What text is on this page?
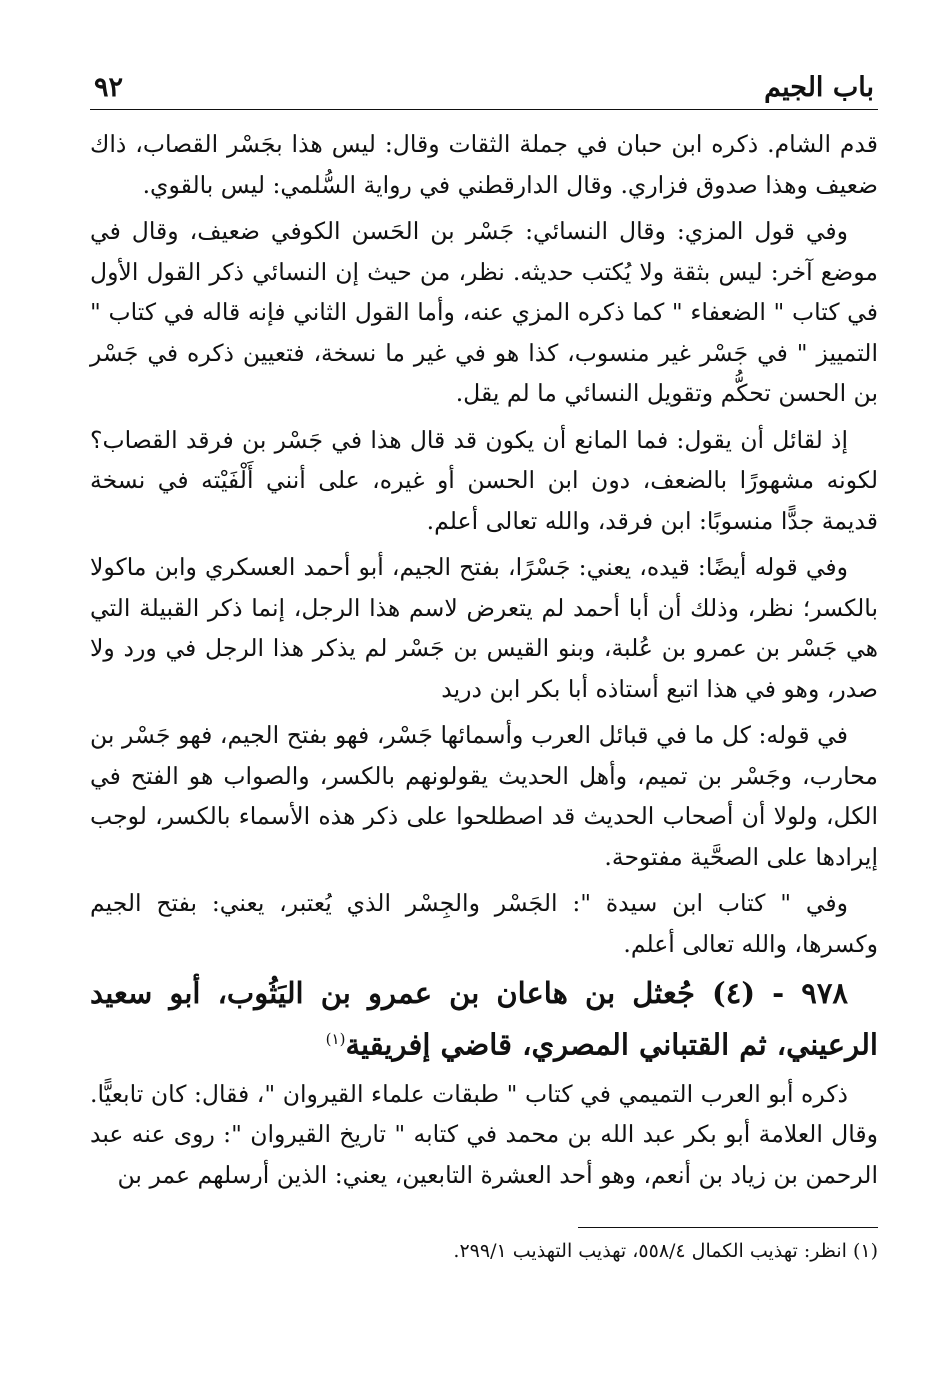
باب الجيم
٩٢

قدم الشام. ذكره ابن حبان في جملة الثقات وقال: ليس هذا بجَسْر القصاب، ذاك ضعيف وهذا صدوق فزاري. وقال الدارقطني في رواية السُّلمي: ليس بالقوي.

وفي قول المزي: وقال النسائي: جَسْر بن الحَسن الكوفي ضعيف، وقال في موضع آخر: ليس بثقة ولا يُكتب حديثه. نظر، من حيث إن النسائي ذكر القول الأول في كتاب " الضعفاء " كما ذكره المزي عنه، وأما القول الثاني فإنه قاله في كتاب " التمييز " في جَسْر غير منسوب، كذا هو في غير ما نسخة، فتعيين ذكره في جَسْر بن الحسن تحكُّم وتقويل النسائي ما لم يقل.

إذ لقائل أن يقول: فما المانع أن يكون قد قال هذا في جَسْر بن فرقد القصاب؟ لكونه مشهورًا بالضعف، دون ابن الحسن أو غيره، على أنني أَلْفَيْته في نسخة قديمة جدًّا منسوبًا: ابن فرقد، والله تعالى أعلم.

وفي قوله أيضًا: قيده، يعني: جَسْرًا، بفتح الجيم، أبو أحمد العسكري وابن ماكولا بالكسر؛ نظر، وذلك أن أبا أحمد لم يتعرض لاسم هذا الرجل، إنما ذكر القبيلة التي هي جَسْر بن عمرو بن عُلبة، وبنو القيس بن جَسْر لم يذكر هذا الرجل في ورد ولا صدر، وهو في هذا اتبع أستاذه أبا بكر ابن دريد

في قوله: كل ما في قبائل العرب وأسمائها جَسْر، فهو بفتح الجيم، فهو جَسْر بن محارب، وجَسْر بن تميم، وأهل الحديث يقولونهم بالكسر، والصواب هو الفتح في الكل، ولولا أن أصحاب الحديث قد اصطلحوا على ذكر هذه الأسماء بالكسر، لوجب إيرادها على الصحَّية مفتوحة.

وفي " كتاب ابن سيدة ": الجَسْر والجِسْر الذي يُعتبر، يعني: بفتح الجيم وكسرها، والله تعالى أعلم.

٩٧٨ - (٤) جُعثل بن هاعان بن عمرو بن اليَثُوب، أبو سعيد الرعيني، ثم القتباني المصري، قاضي إفريقية$^{(١)}$

ذكره أبو العرب التميمي في كتاب " طبقات علماء القيروان "، فقال: كان تابعيًّا. وقال العلامة أبو بكر عبد الله بن محمد في كتابه " تاريخ القيروان ": روى عنه عبد الرحمن بن زياد بن أنعم، وهو أحد العشرة التابعين، يعني: الذين أرسلهم عمر بن

(١) انظر: تهذيب الكمال ٥٥٨/٤، تهذيب التهذيب ٢٩٩/١.
